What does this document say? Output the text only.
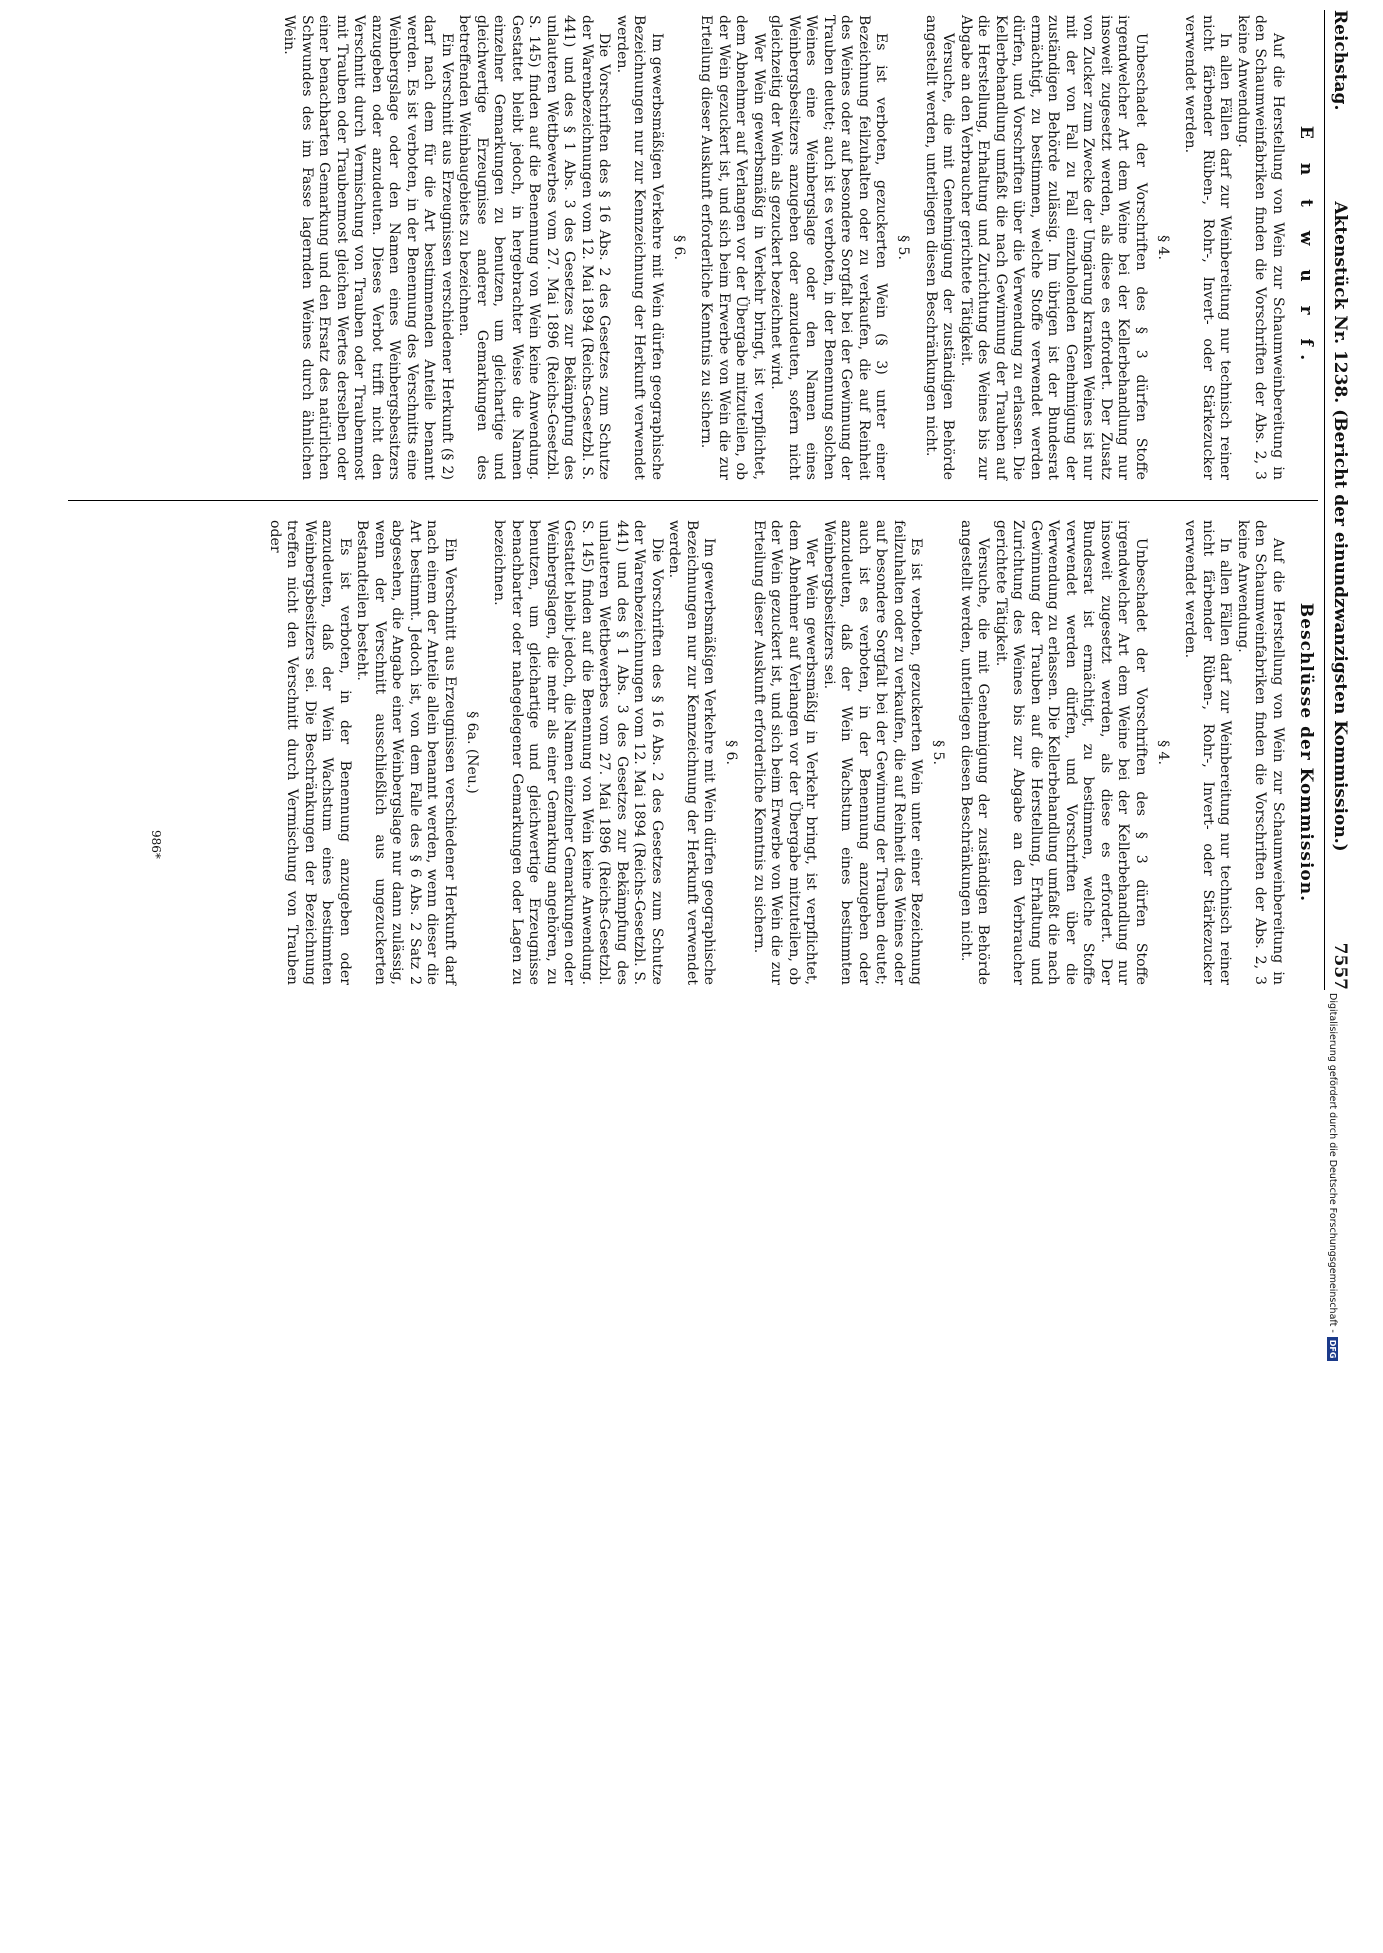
Reichstag.
Aktenstück Nr. 1238. (Bericht der einundzwanzigsten Kommission.)
7557
E n t w u r f.

Auf die Herstellung von Wein zur Schaumweinbereitung in den Schaumweinfabriken finden die Vorschriften der Abs. 2, 3 keine Anwendung.

In allen Fällen darf zur Weinbereitung nur technisch reiner nicht färbender Rüben-, Rohr-, Invert- oder Stärkezucker verwendet werden.

§ 4.

Unbeschadet der Vorschriften des § 3 dürfen Stoffe irgendwelcher Art dem Weine bei der Kellerbehandlung nur insoweit zugesetzt werden, als diese es erfordert. Der Zusatz von Zucker zum Zwecke der Umgärung kranken Weines ist nur mit der von Fall zu Fall einzuholenden Genehmigung der zuständigen Behörde zulässig. Im übrigen ist der Bundesrat ermächtigt, zu bestimmen, welche Stoffe verwendet werden dürfen, und Vorschriften über die Verwendung zu erlassen. Die Kellerbehandlung umfaßt die nach Gewinnung der Trauben auf die Herstellung, Erhaltung und Zurichtung des Weines bis zur Abgabe an den Verbraucher gerichtete Tätigkeit.

Versuche, die mit Genehmigung der zuständigen Behörde angestellt werden, unterliegen diesen Beschränkungen nicht.

§ 5.

Es ist verboten, gezuckerten Wein (§ 3) unter einer Bezeichnung feilzuhalten oder zu verkaufen, die auf Reinheit des Weines oder auf besondere Sorgfalt bei der Gewinnung der Trauben deutet; auch ist es verboten, in der Benennung solchen Weines eine Weinbergslage oder den Namen eines Weinbergsbesitzers anzugeben oder anzudeuten, sofern nicht gleichzeitig der Wein als gezuckert bezeichnet wird.

Wer Wein gewerbsmäßig in Verkehr bringt, ist verpflichtet, dem Abnehmer auf Verlangen vor der Übergabe mitzuteilen, ob der Wein gezuckert ist, und sich beim Erwerbe von Wein die zur Erteilung dieser Auskunft erforderliche Kenntnis zu sichern.

§ 6.

Im gewerbsmäßigen Verkehre mit Wein dürfen geographische Bezeichnungen nur zur Kennzeichnung der Herkunft verwendet werden.

Die Vorschriften des § 16 Abs. 2 des Gesetzes zum Schutze der Warenbezeichnungen vom 12. Mai 1894 (Reichs-Gesetzbl. S. 441) und des § 1 Abs. 3 des Gesetzes zur Bekämpfung des unlauteren Wettbewerbes vom 27. Mai 1896 (Reichs-Gesetzbl. S. 145) finden auf die Benennung von Wein keine Anwendung. Gestattet bleibt jedoch, in hergebrachter Weise die Namen einzelner Gemarkungen zu benutzen, um gleichartige und gleichwertige Erzeugnisse anderer Gemarkungen des betreffenden Weinbaugebiets zu bezeichnen.

Ein Verschnitt aus Erzeugnissen verschiedener Herkunft (§ 2) darf nach dem für die Art bestimmenden Anteile benannt werden. Es ist verboten, in der Benennung des Verschnitts eine Weinbergslage oder den Namen eines Weinbergsbesitzers anzugeben oder anzudeuten. Dieses Verbot trifft nicht den Verschnitt durch Vermischung von Trauben oder Traubenmost mit Trauben oder Traubenmost gleichen Wertes derselben oder einer benachbarten Gemarkung und den Ersatz des natürlichen Schwundes des im Fasse lagernden Weines durch ähnlichen Wein.

Beschlüsse der Kommission.

Auf die Herstellung von Wein zur Schaumweinbereitung in den Schaumweinfabriken finden die Vorschriften der Abs. 2, 3 keine Anwendung.

In allen Fällen darf zur Weinbereitung nur technisch reiner nicht färbender Rüben-, Rohr-, Invert- oder Stärkezucker verwendet werden.

§ 4.

Unbeschadet der Vorschriften des § 3 dürfen Stoffe irgendwelcher Art dem Weine bei der Kellerbehandlung nur insoweit zugesetzt werden, als diese es erfordert. Der Bundesrat ist ermächtigt, zu bestimmen, welche Stoffe verwendet werden dürfen, und Vorschriften über die Verwendung zu erlassen. Die Kellerbehandlung umfaßt die nach Gewinnung der Trauben auf die Herstellung, Erhaltung und Zurichtung des Weines bis zur Abgabe an den Verbraucher gerichtete Tätigkeit.

Versuche, die mit Genehmigung der zuständigen Behörde angestellt werden, unterliegen diesen Beschränkungen nicht.

§ 5.

Es ist verboten, gezuckerten Wein unter einer Bezeichnung feilzuhalten oder zu verkaufen, die auf Reinheit des Weines oder auf besondere Sorgfalt bei der Gewinnung der Trauben deutet; auch ist es verboten, in der Benennung anzugeben oder anzudeuten, daß der Wein Wachstum eines bestimmten Weinbergsbesitzers sei.

Wer Wein gewerbsmäßig in Verkehr bringt, ist verpflichtet, dem Abnehmer auf Verlangen vor der Übergabe mitzuteilen, ob der Wein gezuckert ist, und sich beim Erwerbe von Wein die zur Erteilung dieser Auskunft erforderliche Kenntnis zu sichern.

§ 6.

Im gewerbsmäßigen Verkehre mit Wein dürfen geographische Bezeichnungen nur zur Kennzeichnung der Herkunft verwendet werden.

Die Vorschriften des § 16 Abs. 2 des Gesetzes zum Schutze der Warenbezeichnungen vom 12. Mai 1894 (Reichs-Gesetzbl. S. 441) und des § 1 Abs. 3 des Gesetzes zur Bekämpfung des unlauteren Wettbewerbes vom 27. Mai 1896 (Reichs-Gesetzbl. S. 145) finden auf die Benennung von Wein keine Anwendung. Gestattet bleibt jedoch, die Namen einzelner Gemarkungen oder Weinbergslagen, die mehr als einer Gemarkung angehören, zu benutzen, um gleichartige und gleichwertige Erzeugnisse benachbarter oder nahegelegener Gemarkungen oder Lagen zu bezeichnen.

§ 6a. (Neu.)

Ein Verschnitt aus Erzeugnissen verschiedener Herkunft darf nach einem der Anteile allein benannt werden, wenn dieser die Art bestimmt. Jedoch ist, von dem Falle des § 6 Abs. 2 Satz 2 abgesehen, die Angabe einer Weinbergslage nur dann zulässig, wenn der Verschnitt ausschließlich aus ungezuckerten Bestandteilen besteht.

Es ist verboten, in der Benennung anzugeben oder anzudeuten, daß der Wein Wachstum eines bestimmten Weinbergsbesitzers sei. Die Beschränkungen der Bezeichnung treffen nicht den Verschnitt durch Vermischung von Trauben oder

986*
Digitalisierung gefördert durch die Deutsche Forschungsgemeinschaft -
DFG
